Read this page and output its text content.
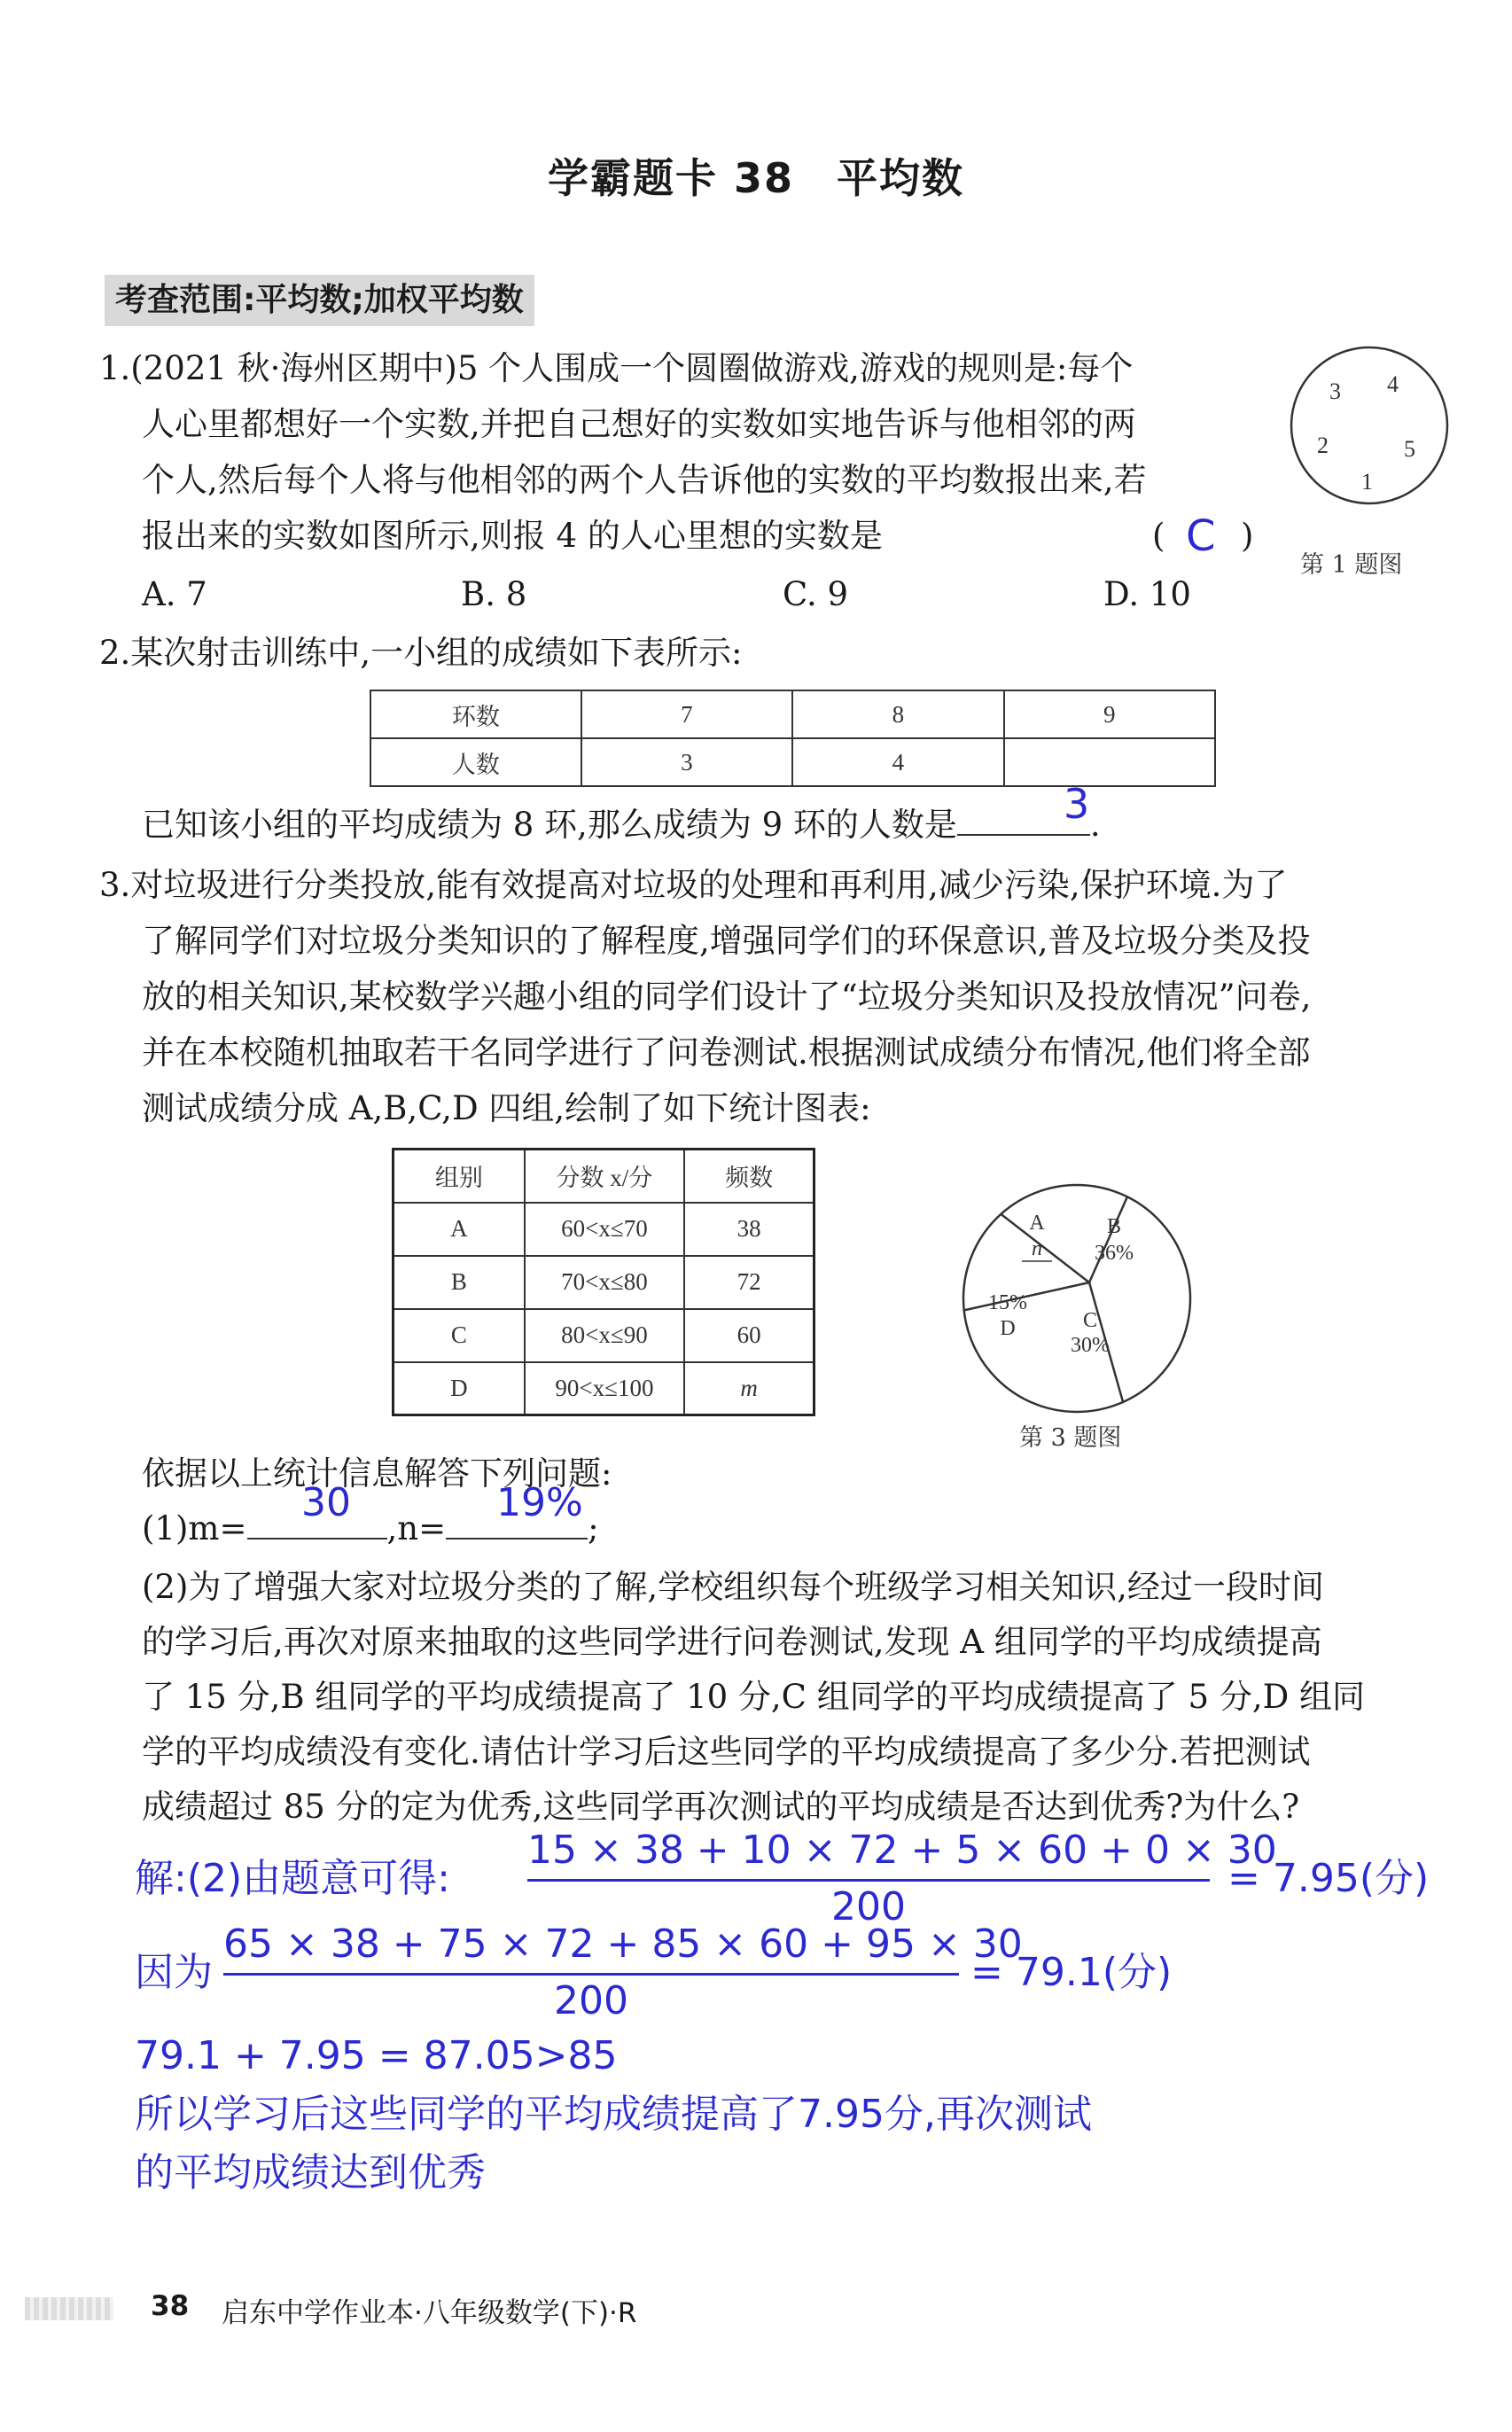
学霸题卡 38　平均数
考查范围:平均数;加权平均数
1.(2021 秋·海州区期中)5 个人围成一个圆圈做游戏,游戏的规则是:每个
人心里都想好一个实数,并把自己想好的实数如实地告诉与他相邻的两
个人,然后每个人将与他相邻的两个人告诉他的实数的平均数报出来,若
报出来的实数如图所示,则报 4 的人心里想的实数是	( C )
A. 7	B. 8	C. 9	D. 10
3 4
2	5
1
第 1 题图
2.某次射击训练中,一小组的成绩如下表所示:
环数	7	8	9
人数	3	4	
已知该小组的平均成绩为 8 环,那么成绩为 9 环的人数是	.
3
3.对垃圾进行分类投放,能有效提高对垃圾的处理和再利用,减少污染,保护环境.为了
了解同学们对垃圾分类知识的了解程度,增强同学们的环保意识,普及垃圾分类及投
放的相关知识,某校数学兴趣小组的同学们设计了“垃圾分类知识及投放情况”问卷,
并在本校随机抽取若干名同学进行了问卷测试.根据测试成绩分布情况,他们将全部
测试成绩分成 A,B,C,D 四组,绘制了如下统计图表:
组别	分数 x/分	频数
A	60<x≤70	38
B	70<x≤80	72
C	80<x≤90	60
D	90<x≤100	m
A
n
B
36%
C
30%
15%
D
第 3 题图
依据以上统计信息解答下列问题:
(1)m=	,n=	;
30	19%
(2)为了增强大家对垃圾分类的了解,学校组织每个班级学习相关知识,经过一段时间
的学习后,再次对原来抽取的这些同学进行问卷测试,发现 A 组同学的平均成绩提高
了 15 分,B 组同学的平均成绩提高了 10 分,C 组同学的平均成绩提高了 5 分,D 组同
学的平均成绩没有变化.请估计学习后这些同学的平均成绩提高了多少分.若把测试
成绩超过 85 分的定为优秀,这些同学再次测试的平均成绩是否达到优秀?为什么?
解:(2)由题意可得:
15 × 38 + 10 × 72 + 5 × 60 + 0 × 30
200
= 7.95(分)
因为
65 × 38 + 75 × 72 + 85 × 60 + 95 × 30
200
= 79.1(分)
79.1 + 7.95 = 87.05>85
所以学习后这些同学的平均成绩提高了7.95分,再次测试
的平均成绩达到优秀
38 启东中学作业本·八年级数学(下)·R
